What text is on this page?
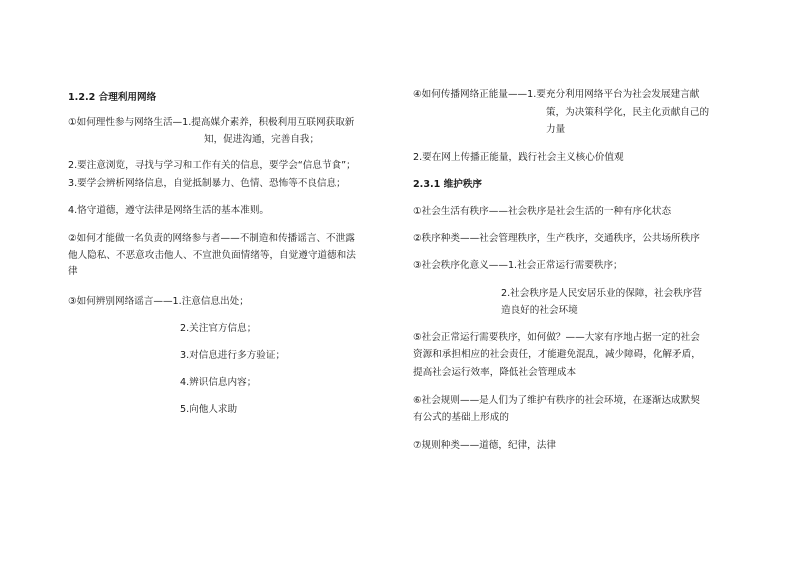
1.2.2 合理利用网络
①如何理性参与网络生活—1.提高媒介素养，积极利用互联网获取新
知，促进沟通，完善自我；
2.要注意浏览，寻找与学习和工作有关的信息，要学会“信息节食”；
3.要学会辨析网络信息，自觉抵制暴力、色情、恐怖等不良信息；
4.恪守道德，遵守法律是网络生活的基本准则。
②如何才能做一名负责的网络参与者——不制造和传播谣言、不泄露
他人隐私、不恶意攻击他人、不宣泄负面情绪等，自觉遵守道德和法
律
③如何辨别网络谣言——1.注意信息出处；
2.关注官方信息；
3.对信息进行多方验证；
4.辨识信息内容；
5.向他人求助
④如何传播网络正能量——1.要充分利用网络平台为社会发展建言献
策，为决策科学化，民主化贡献自己的
力量
2.要在网上传播正能量，践行社会主义核心价值观
2.3.1 维护秩序
①社会生活有秩序——社会秩序是社会生活的一种有序化状态
②秩序种类——社会管理秩序，生产秩序，交通秩序，公共场所秩序
③社会秩序化意义——1.社会正常运行需要秩序；
2.社会秩序是人民安居乐业的保障，社会秩序营
造良好的社会环境
⑤社会正常运行需要秩序，如何做？——大家有序地占据一定的社会
资源和承担相应的社会责任，才能避免混乱，减少障碍，化解矛盾，
提高社会运行效率，降低社会管理成本
⑥社会规则——是人们为了维护有秩序的社会环境，在逐渐达成默契
有公式的基础上形成的
⑦规则种类——道德，纪律，法律
